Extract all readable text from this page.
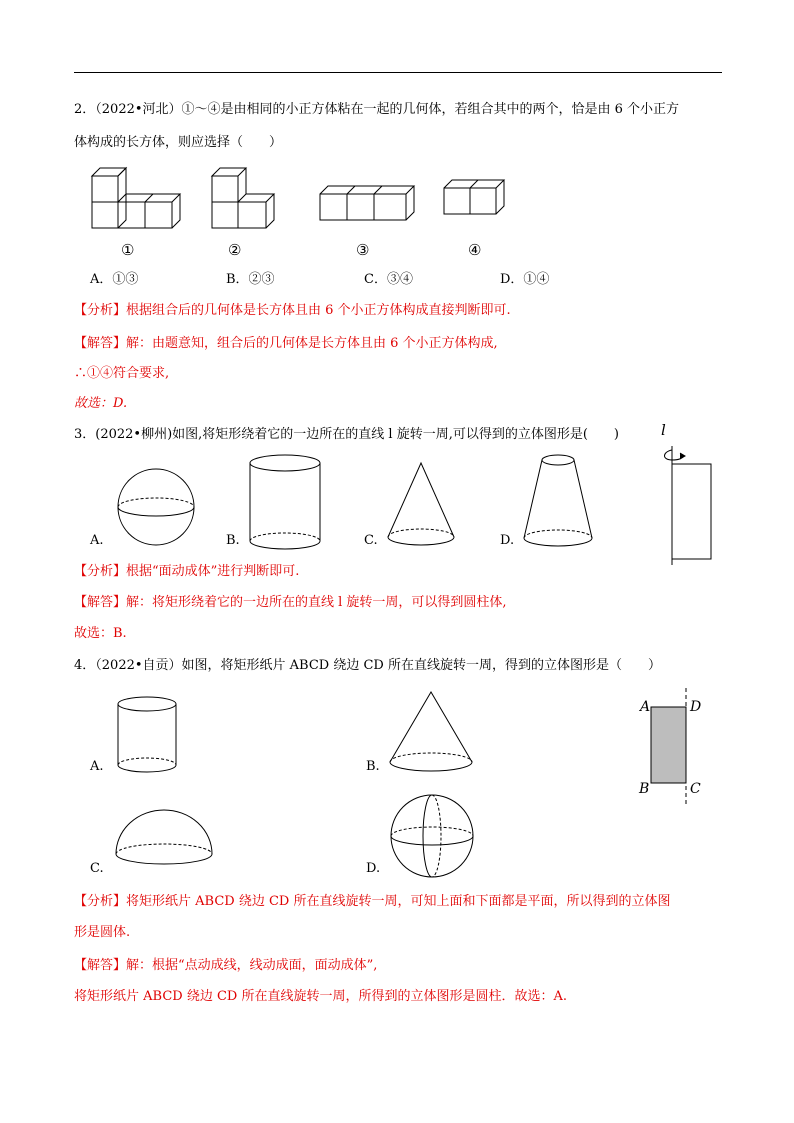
2．（2022•河北）①～④是由相同的小正方体粘在一起的几何体，若组合其中的两个，恰是由 6 个小正方
体构成的长方体，则应选择（　　）
①	②	③	④
A．①③	B．②③	C．③④	D．①④
【分析】根据组合后的几何体是长方体且由 6 个小正方体构成直接判断即可.
【解答】解：由题意知，组合后的几何体是长方体且由 6 个小正方体构成,
∴①④符合要求,
故选：D.
3．(2022•柳州)如图,将矩形绕着它的一边所在的直线 l 旋转一周,可以得到的立体图形是(　　)
A.	B.	C.	D.
l
【分析】根据“面动成体”进行判断即可.
【解答】解：将矩形绕着它的一边所在的直线 l 旋转一周，可以得到圆柱体,
故选：B.
4．（2022•自贡）如图，将矩形纸片 ABCD 绕边 CD 所在直线旋转一周，得到的立体图形是（　　）
A.	B.
C.	D.
A	D
B	C
【分析】将矩形纸片 ABCD 绕边 CD 所在直线旋转一周，可知上面和下面都是平面，所以得到的立体图
形是圆体.
【解答】解：根据“点动成线，线动成面，面动成体”,
将矩形纸片 ABCD 绕边 CD 所在直线旋转一周，所得到的立体图形是圆柱．故选：A.
